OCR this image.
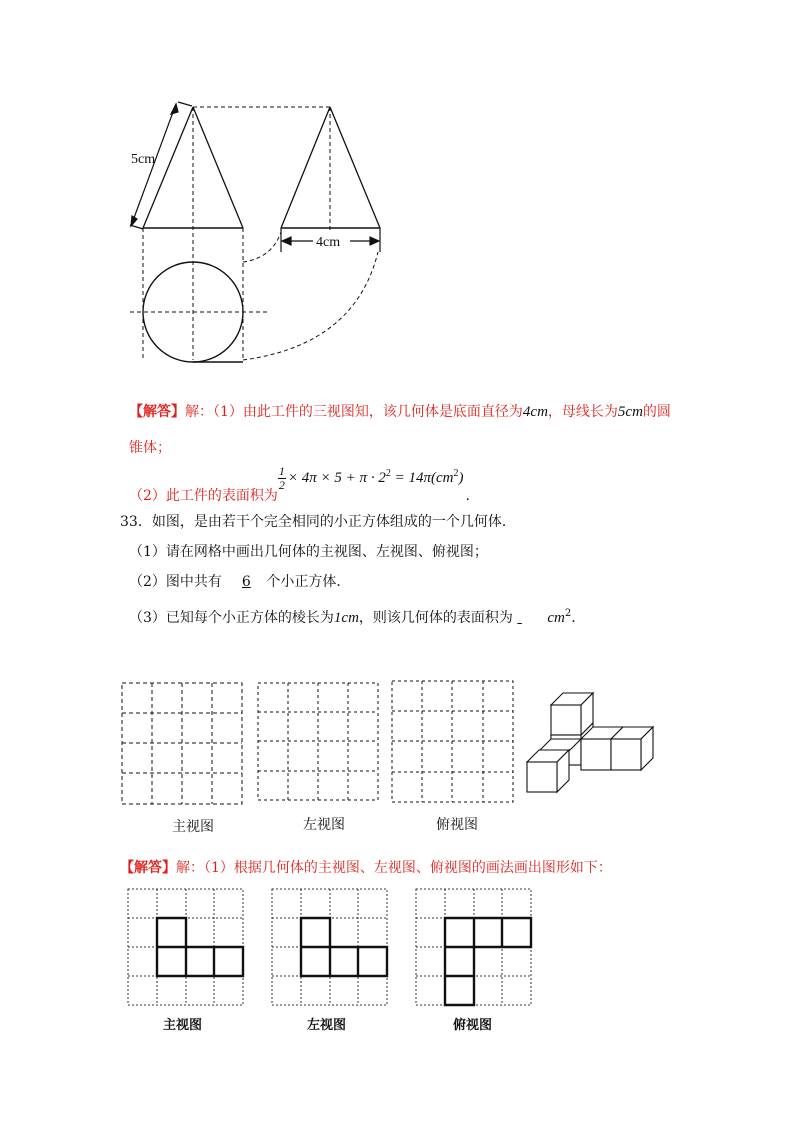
5cm
4cm
【解答】解：（1）由此工件的三视图知，该几何体是底面直径为4cm，母线长为5cm的圆
锥体；
（2）此工件的表面积为
$\frac{1}{2} \times 4\pi \times 5 + \pi \cdot 2^2 = 14\pi(cm^2)$.
33．如图，是由若干个完全相同的小正方体组成的一个几何体．
（1）请在网格中画出几何体的主视图、左视图、俯视图；
（2）图中共有 6 个小正方体．
（3）已知每个小正方体的棱长为1cm，则该几何体的表面积为 $cm^2$．
主视图	左视图	俯视图
【解答】解：（1）根据几何体的主视图、左视图、俯视图的画法画出图形如下：
主视图	左视图	俯视图
